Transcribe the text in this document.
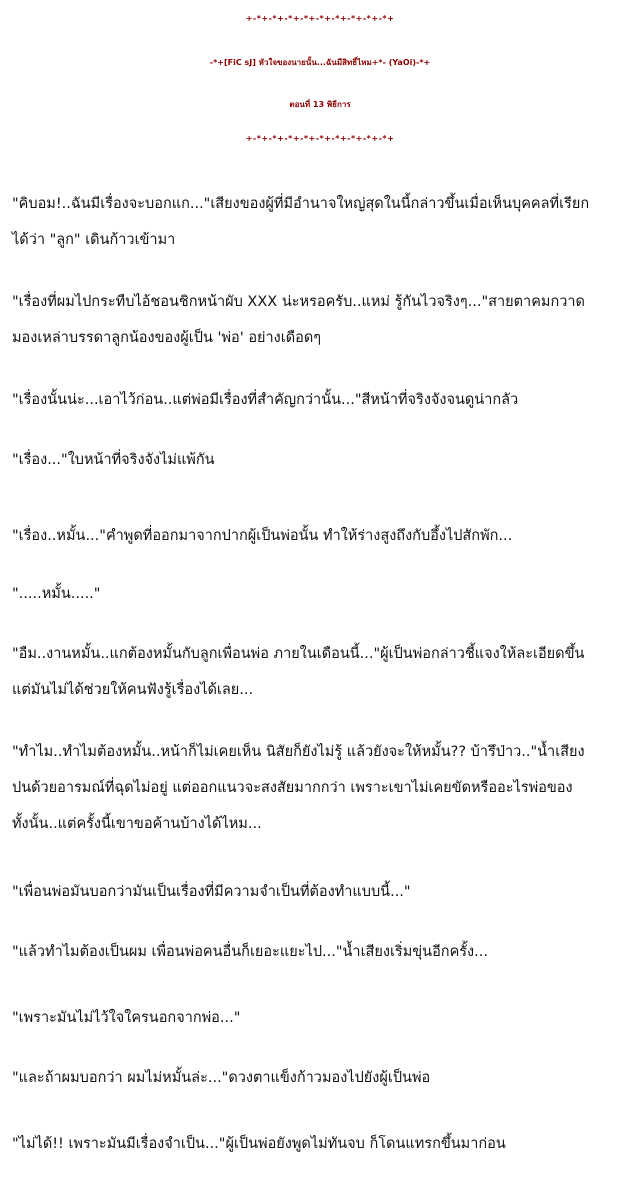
+-*+-*+-*+-*+-*+-*+-*+-*+-*+
-*+[FiC sJ] หัวใจของนายนั้น...ฉันมีสิทธิ์ไหม+*- (YaOi)-*+
ตอนที่ 13 พิธีการ
+-*+-*+-*+-*+-*+-*+-*+-*+-*+
"คิบอม!..ฉันมีเรื่องจะบอกแก..."เสียงของผู้ที่มีอำนาจใหญ่สุดในนี้กล่าวขึ้นเมื่อเห็นบุคคลที่เรียก
ได้ว่า "ลูก" เดินก้าวเข้ามา
"เรื่องที่ผมไปกระทืบไอ้ชอนชิกหน้าผับ XXX น่ะหรอครับ..แหม่ รู้กันไวจริงๆ..."สายตาคมกวาด
มองเหล่าบรรดาลูกน้องของผู้เป็น 'พ่อ' อย่างเดือดๆ
"เรื่องนั้นน่ะ...เอาไว้ก่อน..แต่พ่อมีเรื่องที่สำคัญกว่านั้น..."สีหน้าที่จริงจังจนดูน่ากลัว
"เรื่อง..."ใบหน้าที่จริงจังไม่แพ้กัน
"เรื่อง..หมั้น..."คำพูดที่ออกมาจากปากผู้เป็นพ่อนั้น ทำให้ร่างสูงถึงกับอึ้งไปสักพัก...
".....หมั้น....."
"อืม..งานหมั้น..แกต้องหมั้นกับลูกเพื่อนพ่อ ภายในเดือนนี้..."ผู้เป็นพ่อกล่าวชี้แจงให้ละเอียดขึ้น
แต่มันไม่ได้ช่วยให้คนฟังรู้เรื่องได้เลย...
"ทำไม..ทำไมต้องหมั้น..หน้าก็ไม่เคยเห็น นิสัยก็ยังไม่รู้ แล้วยังจะให้หมั้น?? บ้ารึป่าว.."น้ำเสียง
ปนด้วยอารมณ์ที่ฉุดไม่อยู่ แต่ออกแนวจะสงสัยมากกว่า เพราะเขาไม่เคยขัดหรืออะไรพ่อของ
ทั้งนั้น..แต่ครั้งนี้เขาขอค้านบ้างได้ไหม...
"เพื่อนพ่อมันบอกว่ามันเป็นเรื่องที่มีความจำเป็นที่ต้องทำแบบนี้..."
"แล้วทำไมต้องเป็นผม เพื่อนพ่อคนอื่นก็เยอะแยะไป..."น้ำเสียงเริ่มขุ่นอีกครั้ง...
"เพราะมันไม่ไว้ใจใครนอกจากพ่อ..."
"และถ้าผมบอกว่า ผมไม่หมั้นล่ะ..."ดวงตาแข็งก้าวมองไปยังผู้เป็นพ่อ
"ไม่ได้!! เพราะมันมีเรื่องจำเป็น..."ผู้เป็นพ่อยังพูดไม่ทันจบ ก็โดนแทรกขึ้นมาก่อน
